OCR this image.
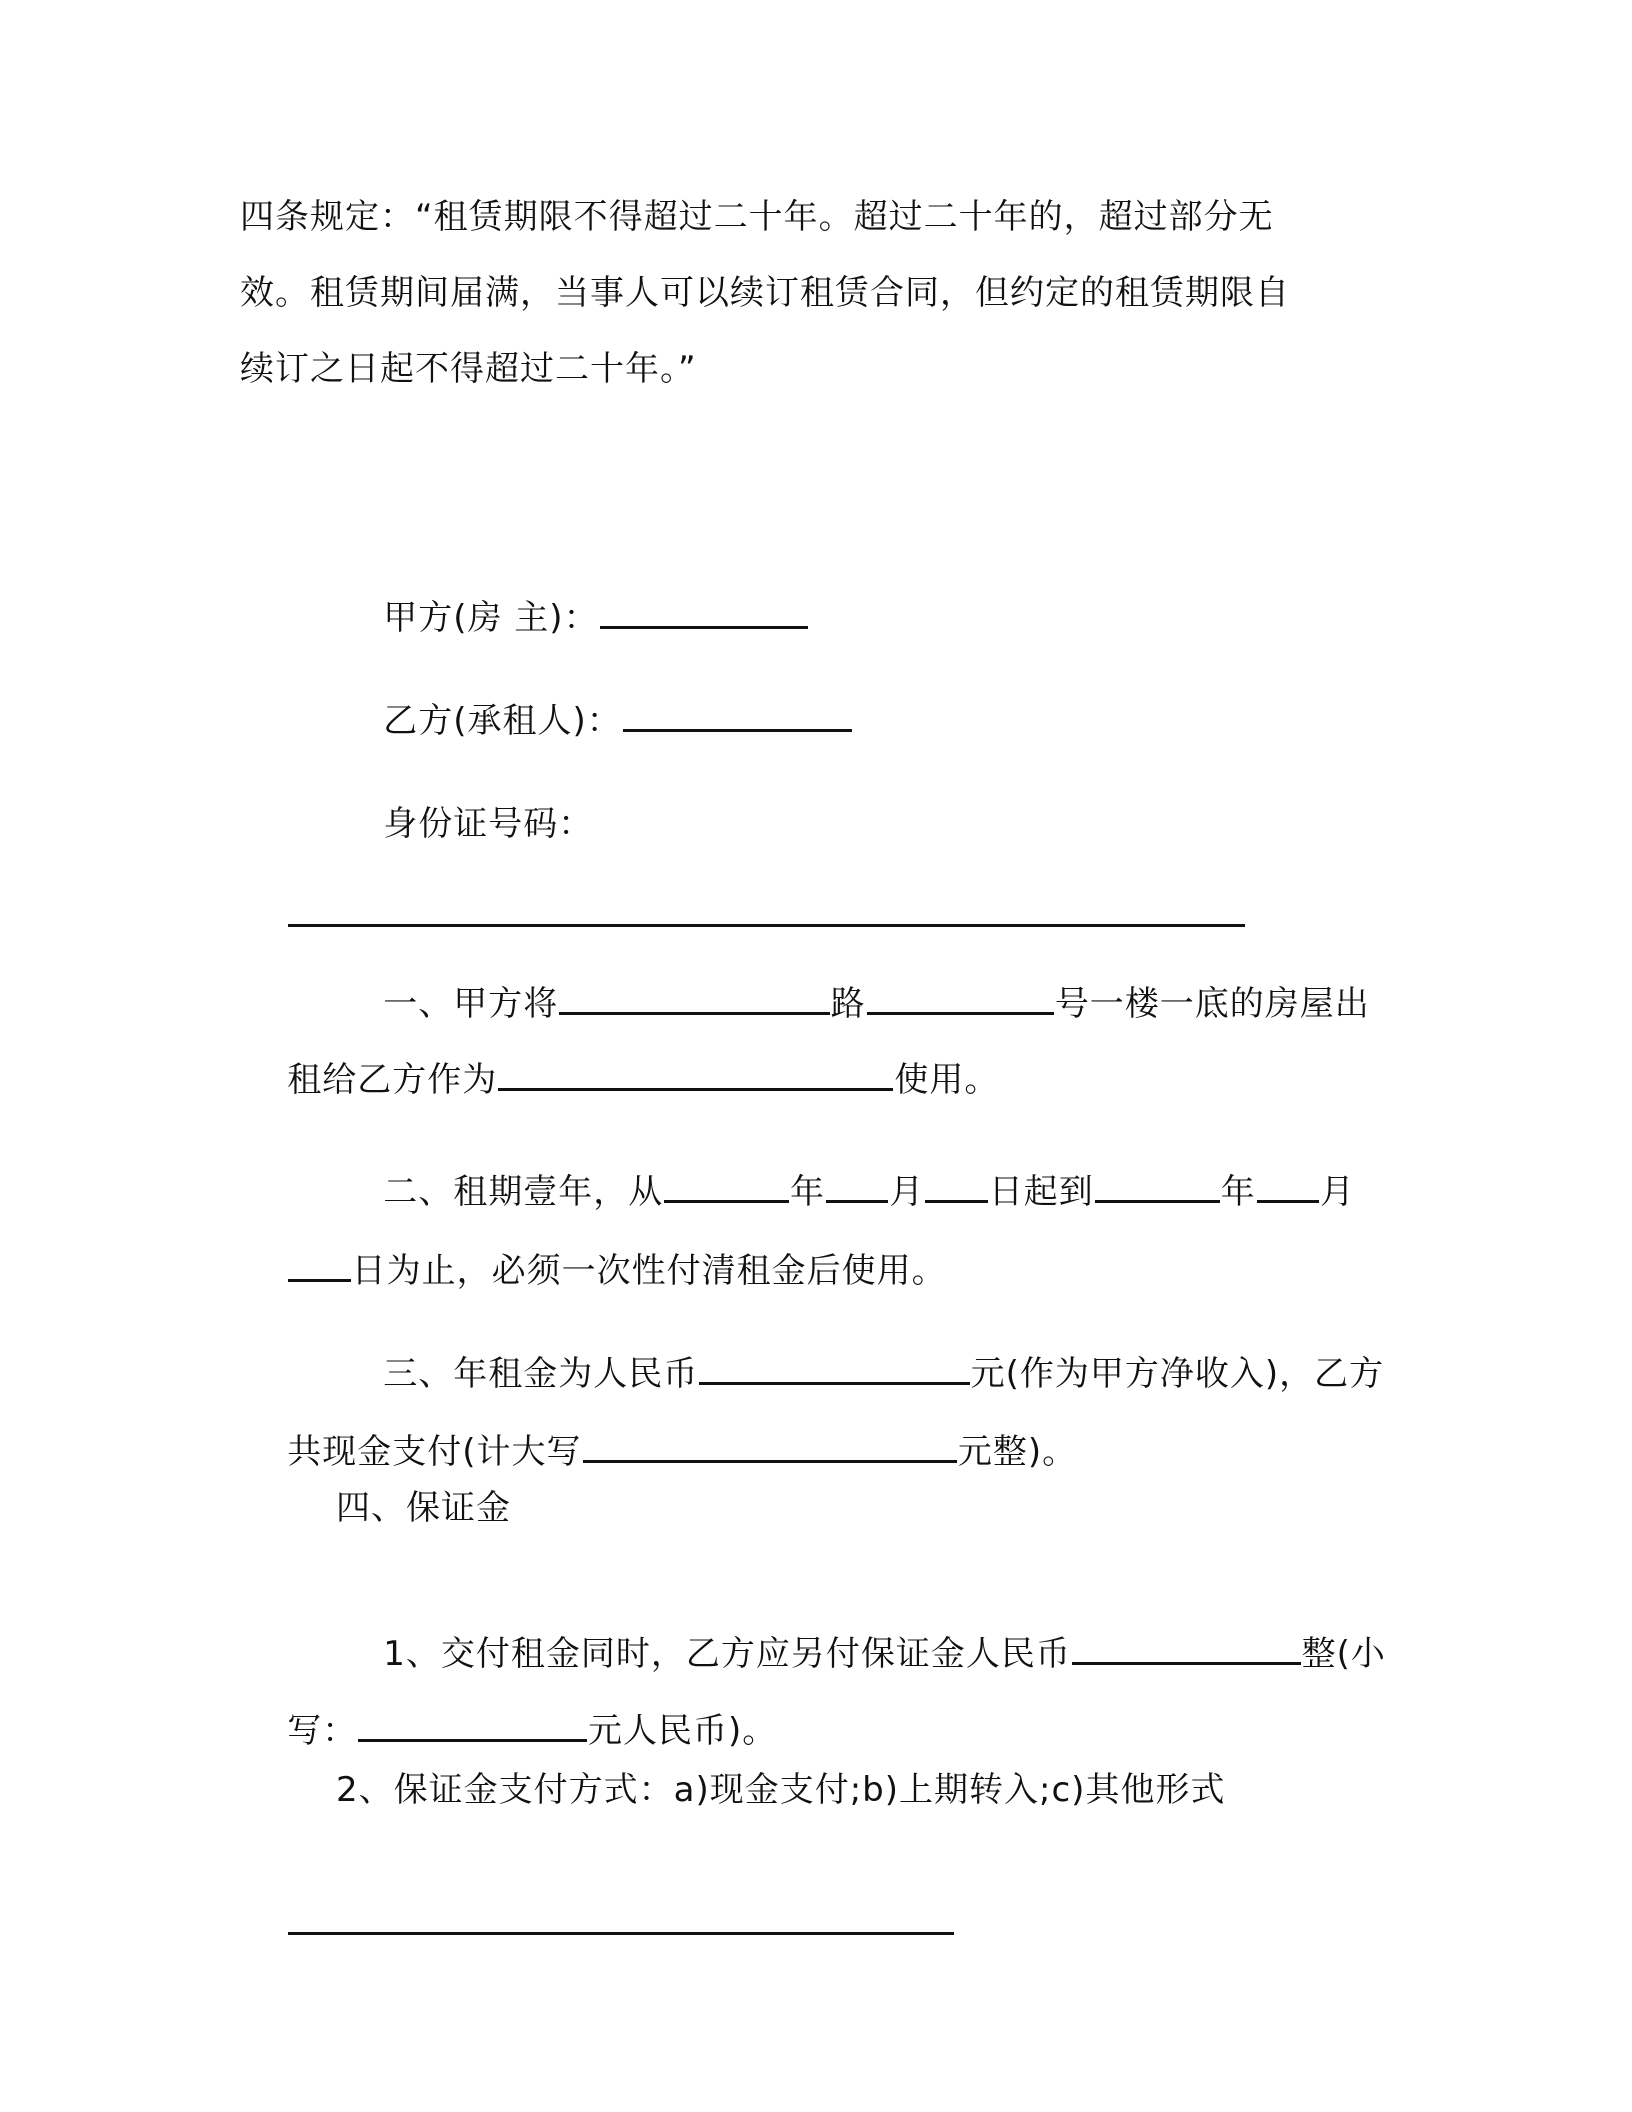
四条规定：“租赁期限不得超过二十年。超过二十年的，超过部分无
效。租赁期间届满，当事人可以续订租赁合同，但约定的租赁期限自
续订之日起不得超过二十年。”

甲方(房 主)：

乙方(承租人)：

身份证号码：

一、甲方将	路	号一楼一底的房屋出

租给乙方作为	使用。

二、租期壹年，从	年 月 日起到	年 月

日为止，必须一次性付清租金后使用。

三、年租金为人民币	元(作为甲方净收入)，乙方

共现金支付(计大写	元整)。

四、保证金

1、交付租金同时，乙方应另付保证金人民币	整(小

写：	元人民币)。

2、保证金支付方式：a)现金支付;b)上期转入;c)其他形式
